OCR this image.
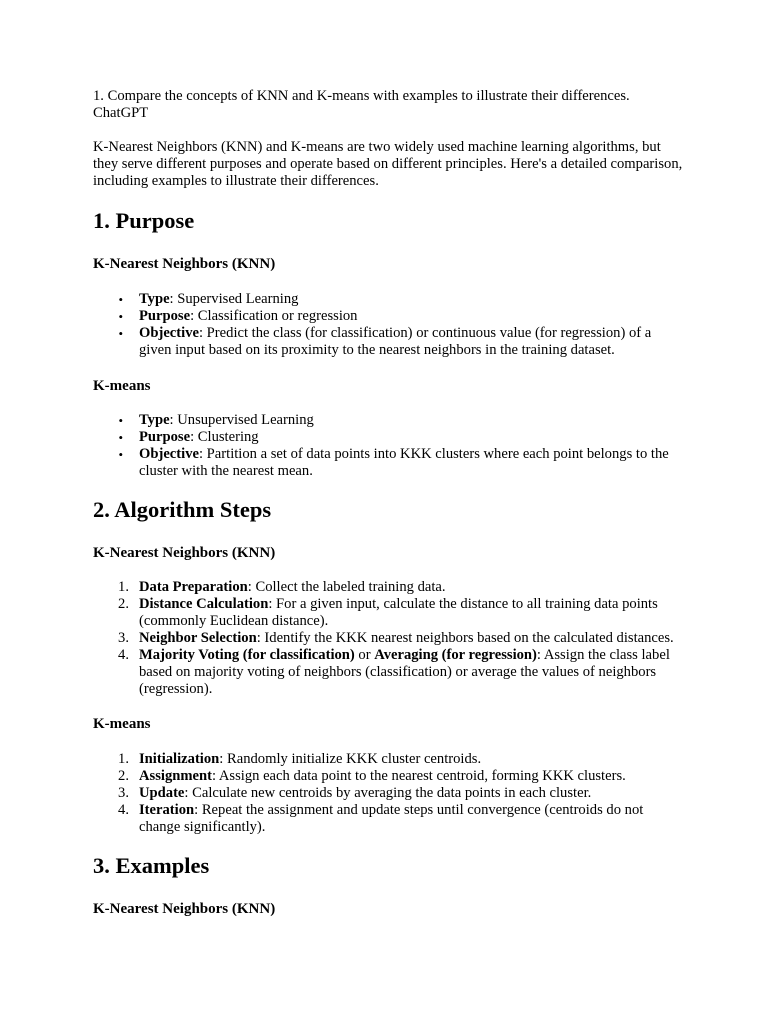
1. Compare the concepts of KNN and K-means with examples to illustrate their differences.

ChatGPT

K-Nearest Neighbors (KNN) and K-means are two widely used machine learning algorithms, but they serve different purposes and operate based on different principles. Here's a detailed comparison, including examples to illustrate their differences.

1. Purpose
K-Nearest Neighbors (KNN)
• Type: Supervised Learning
• Purpose: Classification or regression
• Objective: Predict the class (for classification) or continuous value (for regression) of a given input based on its proximity to the nearest neighbors in the training dataset.
K-means
• Type: Unsupervised Learning
• Purpose: Clustering
• Objective: Partition a set of data points into KKK clusters where each point belongs to the cluster with the nearest mean.
2. Algorithm Steps
K-Nearest Neighbors (KNN)
1. Data Preparation: Collect the labeled training data.
2. Distance Calculation: For a given input, calculate the distance to all training data points (commonly Euclidean distance).
3. Neighbor Selection: Identify the KKK nearest neighbors based on the calculated distances.
4. Majority Voting (for classification) or Averaging (for regression): Assign the class label based on majority voting of neighbors (classification) or average the values of neighbors (regression).
K-means
1. Initialization: Randomly initialize KKK cluster centroids.
2. Assignment: Assign each data point to the nearest centroid, forming KKK clusters.
3. Update: Calculate new centroids by averaging the data points in each cluster.
4. Iteration: Repeat the assignment and update steps until convergence (centroids do not change significantly).
3. Examples
K-Nearest Neighbors (KNN)
